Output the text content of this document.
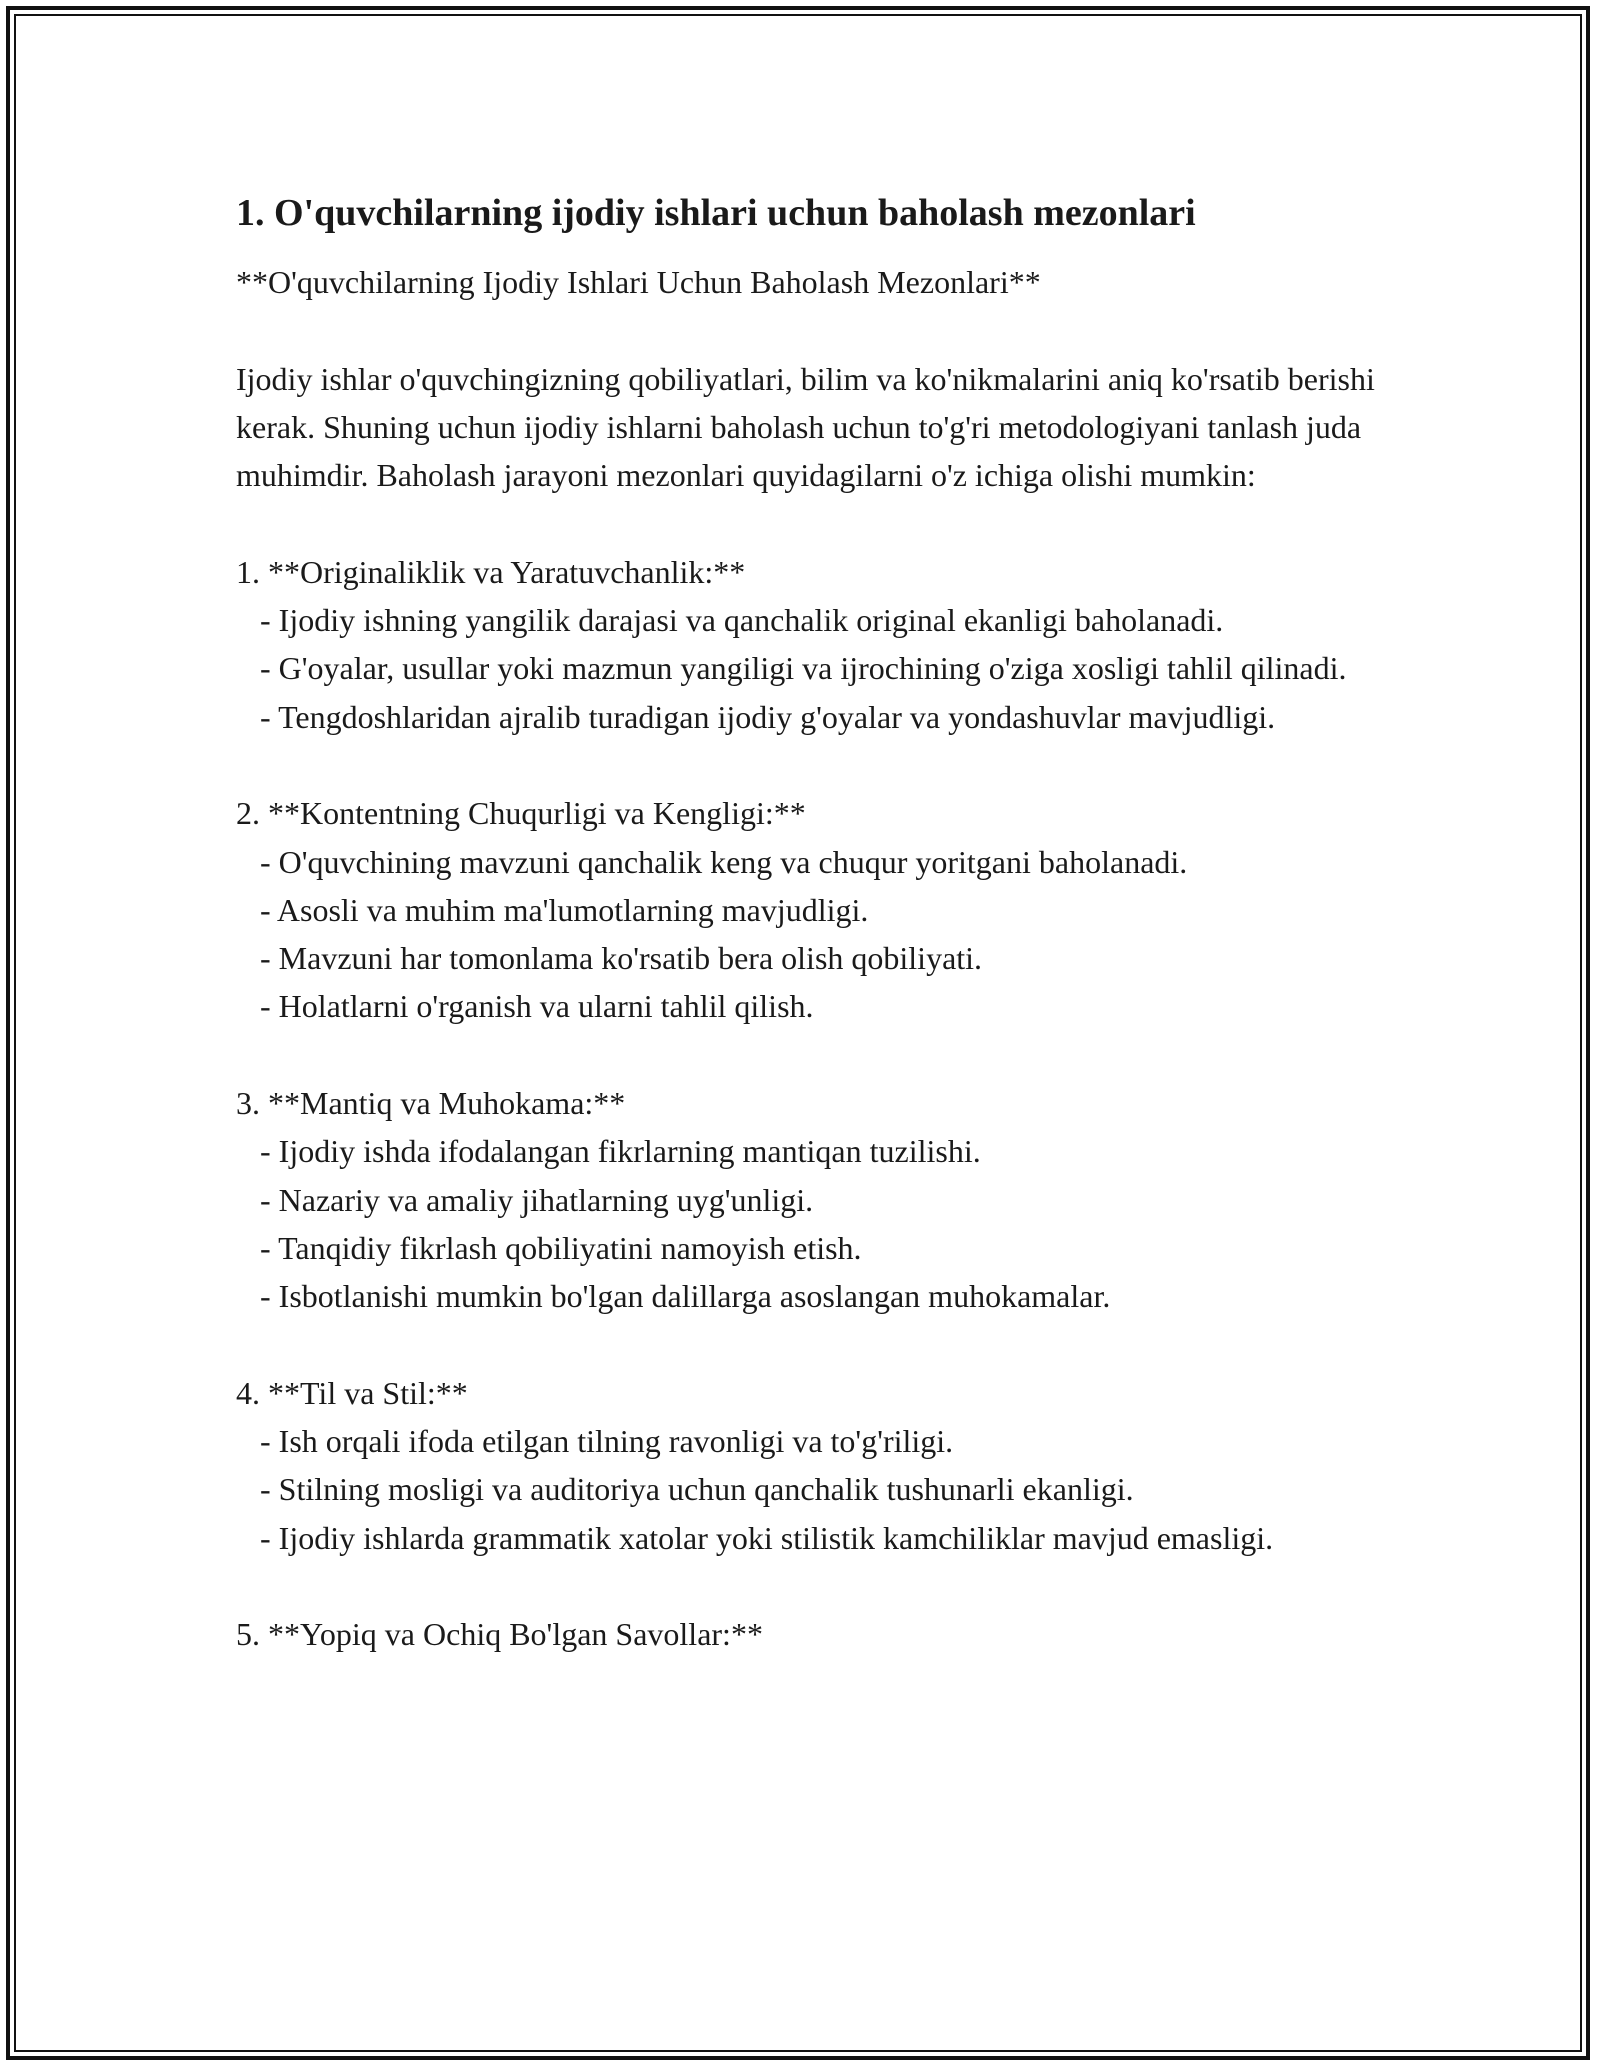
1. O'quvchilarning ijodiy ishlari uchun baholash mezonlari

**O'quvchilarning Ijodiy Ishlari Uchun Baholash Mezonlari**

Ijodiy ishlar o'quvchingizning qobiliyatlari, bilim va ko'nikmalarini aniq ko'rsatib berishi kerak. Shuning uchun ijodiy ishlarni baholash uchun to'g'ri metodologiyani tanlash juda muhimdir. Baholash jarayoni mezonlari quyidagilarni o'z ichiga olishi mumkin:

1. **Originaliklik va Yaratuvchanlik:**

- Ijodiy ishning yangilik darajasi va qanchalik original ekanligi baholanadi.

- G'oyalar, usullar yoki mazmun yangiligi va ijrochining o'ziga xosligi tahlil qilinadi.

- Tengdoshlaridan ajralib turadigan ijodiy g'oyalar va yondashuvlar mavjudligi.

2. **Kontentning Chuqurligi va Kengligi:**

- O'quvchining mavzuni qanchalik keng va chuqur yoritgani baholanadi.

- Asosli va muhim ma'lumotlarning mavjudligi.

- Mavzuni har tomonlama ko'rsatib bera olish qobiliyati.

- Holatlarni o'rganish va ularni tahlil qilish.

3. **Mantiq va Muhokama:**

- Ijodiy ishda ifodalangan fikrlarning mantiqan tuzilishi.

- Nazariy va amaliy jihatlarning uyg'unligi.

- Tanqidiy fikrlash qobiliyatini namoyish etish.

- Isbotlanishi mumkin bo'lgan dalillarga asoslangan muhokamalar.

4. **Til va Stil:**

- Ish orqali ifoda etilgan tilning ravonligi va to'g'riligi.

- Stilning mosligi va auditoriya uchun qanchalik tushunarli ekanligi.

- Ijodiy ishlarda grammatik xatolar yoki stilistik kamchiliklar mavjud emasligi.

5. **Yopiq va Ochiq Bo'lgan Savollar:**
